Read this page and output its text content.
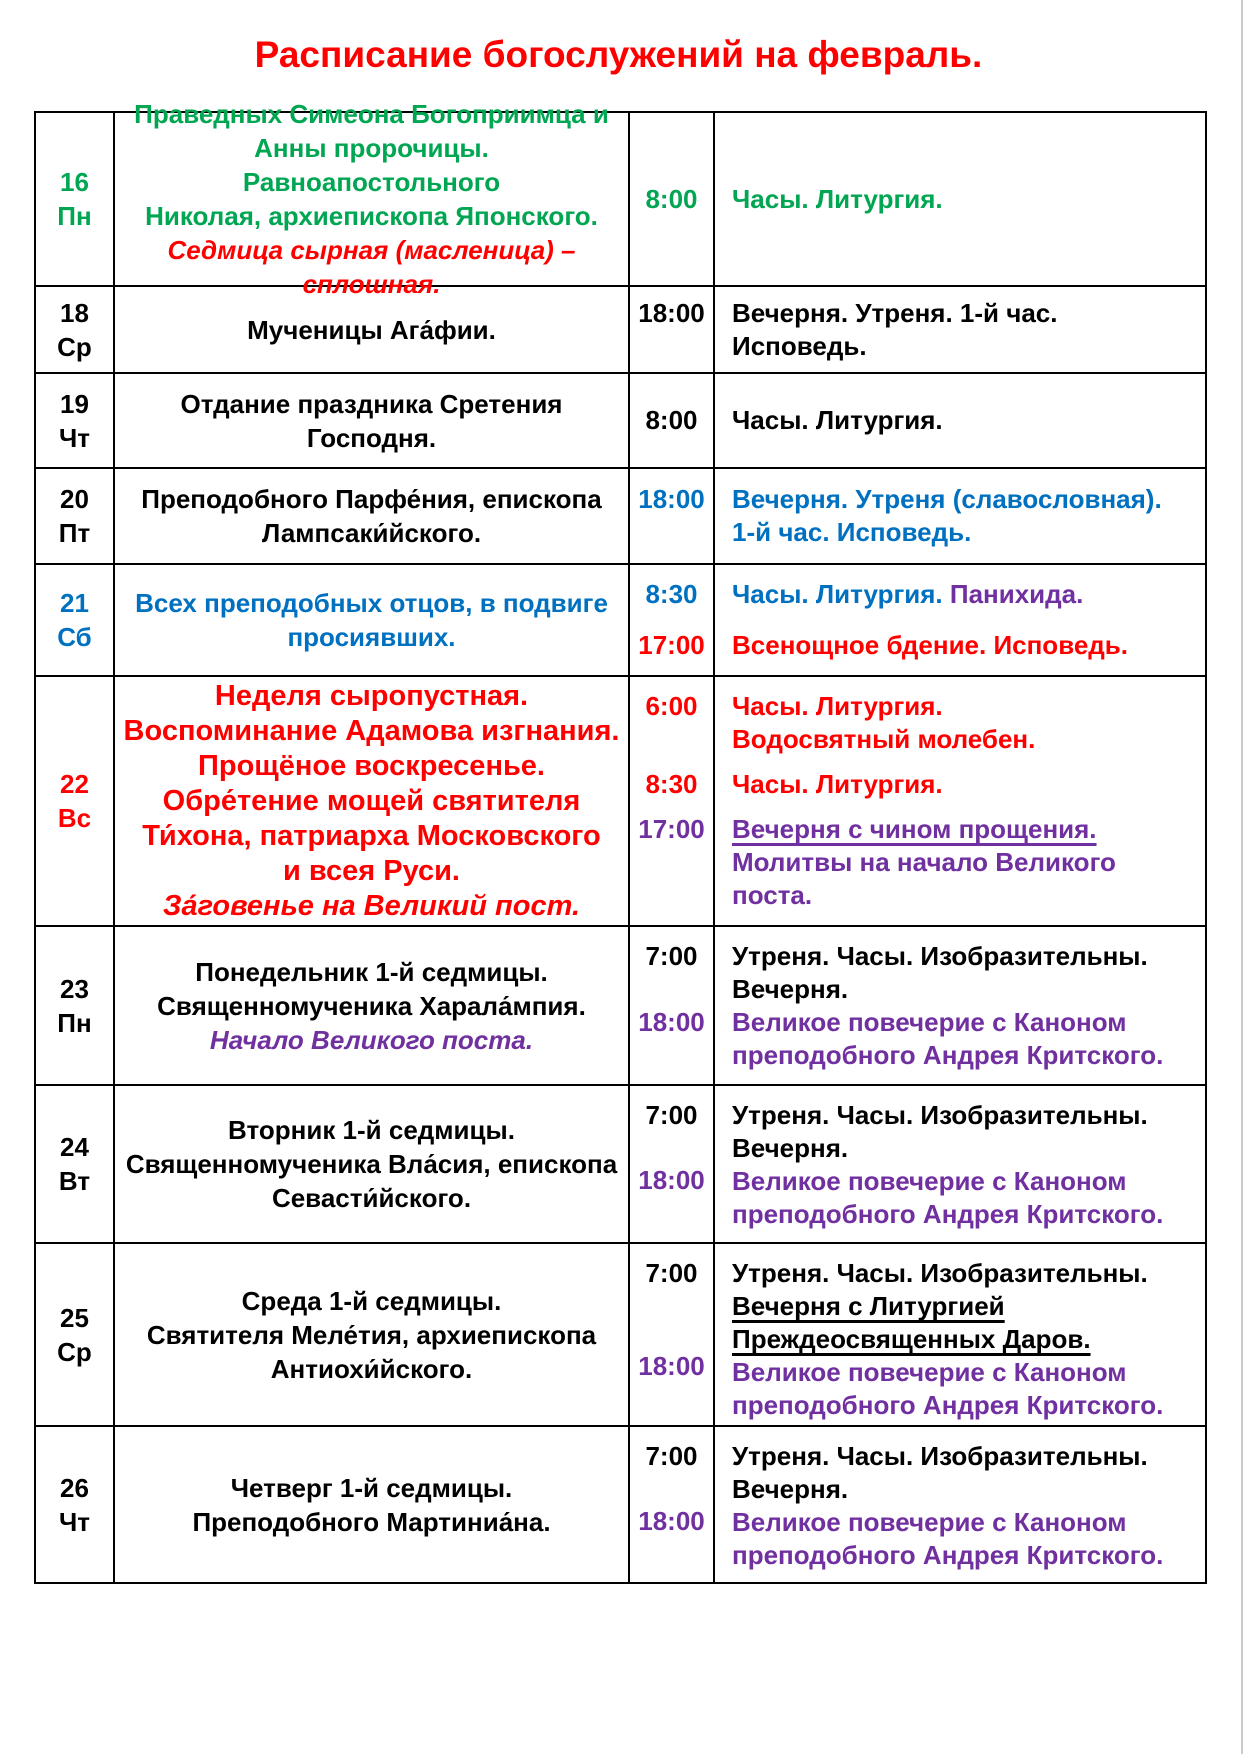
Расписание богослужений на февраль.
16
Пн
Праведных Симеона Богоприимца и
Анны пророчицы. Равноапостольного
Николая, архиепископа Японского.
Седмица сырная (масленица) – сплошная.
8:00 Часы. Литургия.
18
Ср
Мученицы Ага́фии.
18:00 Вечерня. Утреня. 1-й час. Исповедь.
19
Чт
Отдание праздника Сретения
Господня.
8:00 Часы. Литургия.
20
Пт
Преподобного Парфе́ния, епископа
Лампсаки́йского.
18:00 Вечерня. Утреня (славословная).
1-й час. Исповедь.
21
Сб
Всех преподобных отцов, в подвиге
просиявших.
8:30
17:00
Часы. Литургия. Панихида.
Всенощное бдение. Исповедь.
22
Вс
Неделя сыропустная.
Воспоминание Адамова изгнания.
Прощёное воскресенье.
Обре́тение мощей святителя
Ти́хона, патриарха Московского
и всея Руси.
За́говенье на Великий пост.
6:00
8:30
17:00
Часы. Литургия.
Водосвятный молебен.
Часы. Литургия.
Вечерня с чином прощения.
Молитвы на начало Великого поста.
23
Пн
Понедельник 1-й седмицы.
Священномученика Харала́мпия.
Начало Великого поста.
7:00
18:00
Утреня. Часы. Изобразительны.
Вечерня.
Великое повечерие с Каноном
преподобного Андрея Критского.
24
Вт
Вторник 1-й седмицы.
Священномученика Вла́сия, епископа
Севасти́йского.
7:00
18:00
Утреня. Часы. Изобразительны.
Вечерня.
Великое повечерие с Каноном
преподобного Андрея Критского.
25
Ср
Среда 1-й седмицы.
Святителя Меле́тия, архиепископа
Антиохи́йского.
7:00
18:00
Утреня. Часы. Изобразительны.
Вечерня с Литургией
Преждеосвященных Даров.
Великое повечерие с Каноном
преподобного Андрея Критского.
26
Чт
Четверг 1-й седмицы.
Преподобного Мартиниа́на.
7:00
18:00
Утреня. Часы. Изобразительны.
Вечерня.
Великое повечерие с Каноном
преподобного Андрея Критского.
